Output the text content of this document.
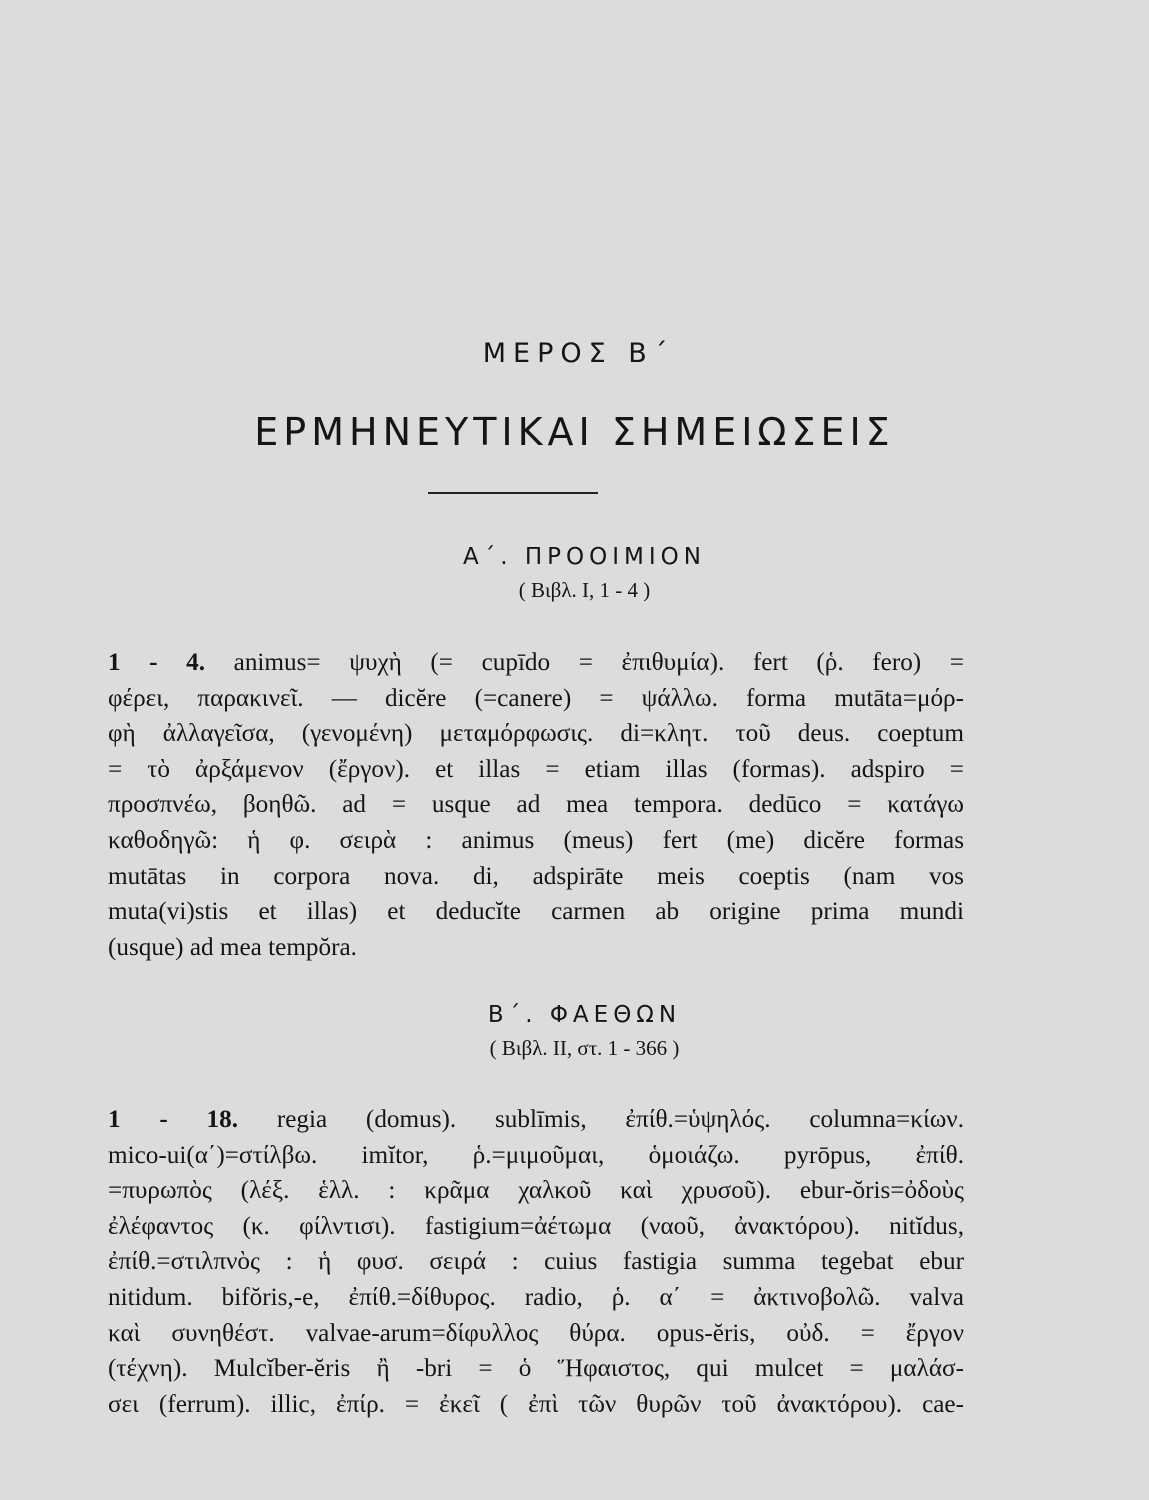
ΜΕΡΟΣ Β΄
ΕΡΜΗΝΕΥΤΙΚΑΙ ΣΗΜΕΙΩΣΕΙΣ
Α΄. ΠΡΟΟΙΜΙΟΝ
( Βιβλ. Ι, 1 - 4 )
1 - 4. animus= ψυχὴ (= cupīdo = ἐπιθυμία). fert (ῥ. fero) =
φέρει, παρακινεῖ. — dicĕre (=canere) = ψάλλω. forma mutāta=μόρ-
φὴ ἀλλαγεῖσα, (γενομένη) μεταμόρφωσις. di=κλητ. τοῦ deus. coeptum
= τὸ ἀρξάμενον (ἔργον). et illas = etiam illas (formas). adspiro =
προσπνέω, βοηθῶ. ad = usque ad mea tempora. dedūco = κατάγω
καθοδηγῶ: ἡ φ. σειρὰ : animus (meus) fert (me) dicĕre formas
mutātas in corpora nova. di, adspirāte meis coeptis (nam vos
muta(vi)stis et illas) et deducĭte carmen ab origine prima mundi
(usque) ad mea tempŏra.
Β΄. ΦΑΕΘΩΝ
( Βιβλ. ΙΙ, στ. 1 - 366 )
1 - 18. regia (domus). sublīmis, ἐπίθ.=ὑψηλός. columna=κίων.
mico-ui(α΄)=στίλβω. imĭtor, ῥ.=μιμοῦμαι, ὁμοιάζω. pyrōpus, ἐπίθ.
=πυρωπὸς (λέξ. ἑλλ. : κρᾶμα χαλκοῦ καὶ χρυσοῦ). ebur-ŏris=ὀδοὺς
ἐλέφαντος (κ. φίλντισι). fastigium=ἀέτωμα (ναοῦ, ἀνακτόρου). nitĭdus,
ἐπίθ.=στιλπνὸς : ἡ φυσ. σειρά : cuius fastigia summa tegebat ebur
nitidum. bifŏris,-e, ἐπίθ.=δίθυρος. radio, ῥ. α΄ = ἀκτινοβολῶ. valva
καὶ συνηθέστ. valvae-arum=δίφυλλος θύρα. opus-ĕris, οὐδ. = ἔργον
(τέχνη). Mulcĭber-ĕris ἢ -bri = ὁ Ἥφαιστος, qui mulcet = μαλάσ-
σει (ferrum). illic, ἐπίρ. = ἐκεῖ ( ἐπὶ τῶν θυρῶν τοῦ ἀνακτόρου). cae-
